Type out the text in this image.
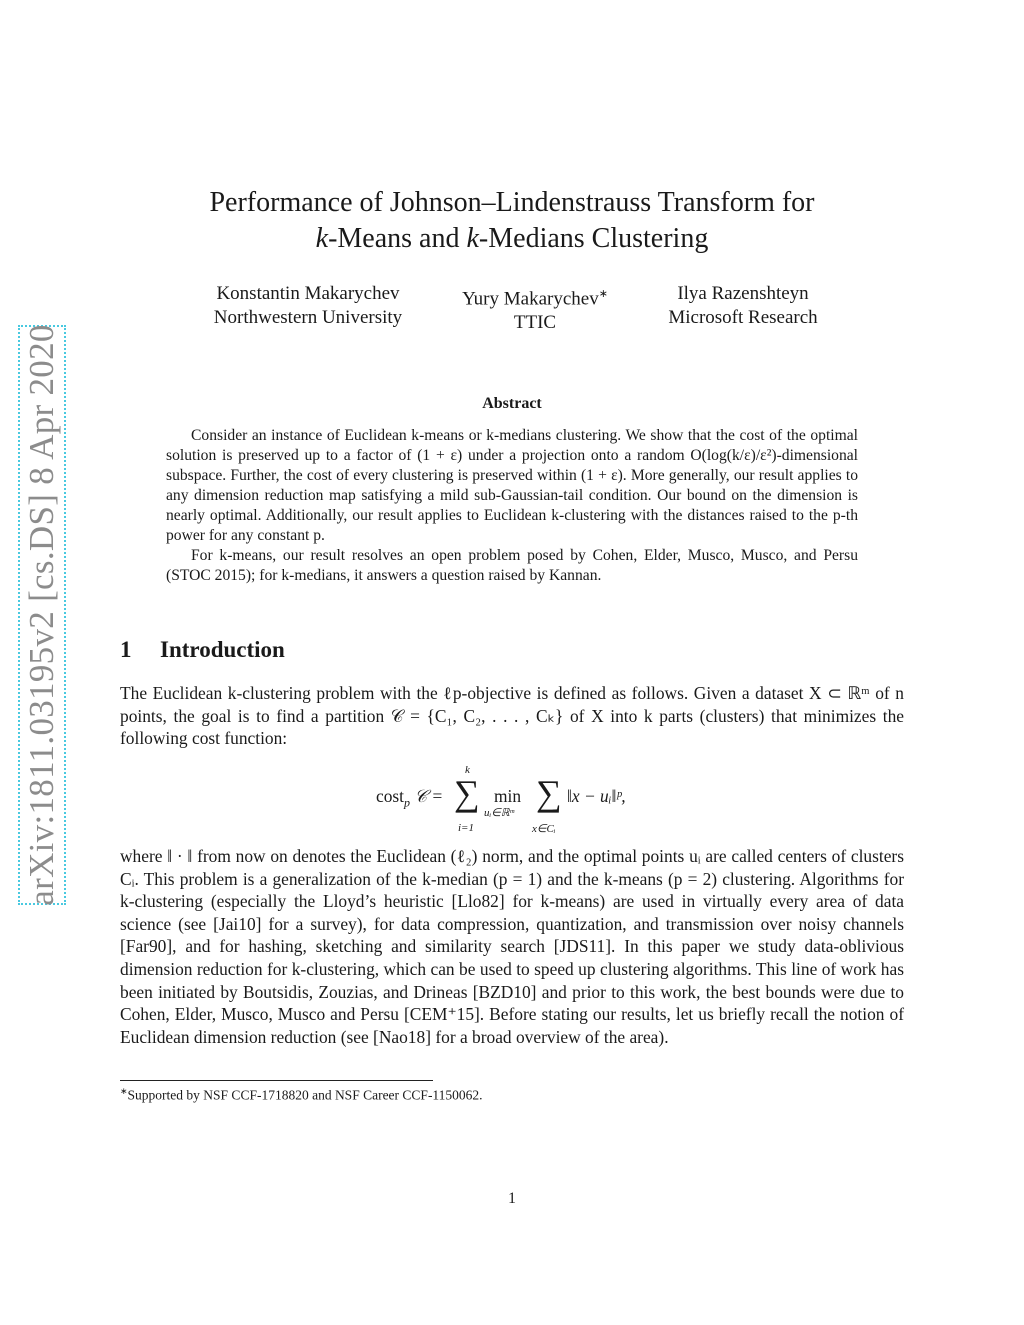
arXiv:1811.03195v2 [cs.DS] 8 Apr 2020
Performance of Johnson–Lindenstrauss Transform for
k-Means and k-Medians Clustering
Konstantin Makarychev
Northwestern University
Yury Makarychev∗
TTIC
Ilya Razenshteyn
Microsoft Research
Abstract

Consider an instance of Euclidean k-means or k-medians clustering. We show that the cost of the optimal solution is preserved up to a factor of (1 + ε) under a projection onto a random O(log(k/ε)/ε²)-dimensional subspace. Further, the cost of every clustering is preserved within (1 + ε). More generally, our result applies to any dimension reduction map satisfying a mild sub-Gaussian-tail condition. Our bound on the dimension is nearly optimal. Additionally, our result applies to Euclidean k-clustering with the distances raised to the p-th power for any constant p.

For k-means, our result resolves an open problem posed by Cohen, Elder, Musco, Musco, and Persu (STOC 2015); for k-medians, it answers a question raised by Kannan.

1 Introduction

The Euclidean k-clustering problem with the ℓp-objective is defined as follows. Given a dataset X ⊂ ℝᵐ of n points, the goal is to find a partition 𝒞 = {C₁, C₂, . . . , Cₖ} of X into k parts (clusters) that minimizes the following cost function:

cost$_p$ 𝒞 =
k
∑
i=1
min
uᵢ∈ℝᵐ ∑
x∈Cᵢ
‖x − uᵢ‖ᵖ,

where ‖ · ‖ from now on denotes the Euclidean (ℓ₂) norm, and the optimal points uᵢ are called centers of clusters Cᵢ. This problem is a generalization of the k-median (p = 1) and the k-means (p = 2) clustering. Algorithms for k-clustering (especially the Lloyd’s heuristic [Llo82] for k-means) are used in virtually every area of data science (see [Jai10] for a survey), for data compression, quantization, and transmission over noisy channels [Far90], and for hashing, sketching and similarity search [JDS11]. In this paper we study data-oblivious dimension reduction for k-clustering, which can be used to speed up clustering algorithms. This line of work has been initiated by Boutsidis, Zouzias, and Drineas [BZD10] and prior to this work, the best bounds were due to Cohen, Elder, Musco, Musco and Persu [CEM⁺15]. Before stating our results, let us briefly recall the notion of Euclidean dimension reduction (see [Nao18] for a broad overview of the area).

∗Supported by NSF CCF-1718820 and NSF Career CCF-1150062.
1
